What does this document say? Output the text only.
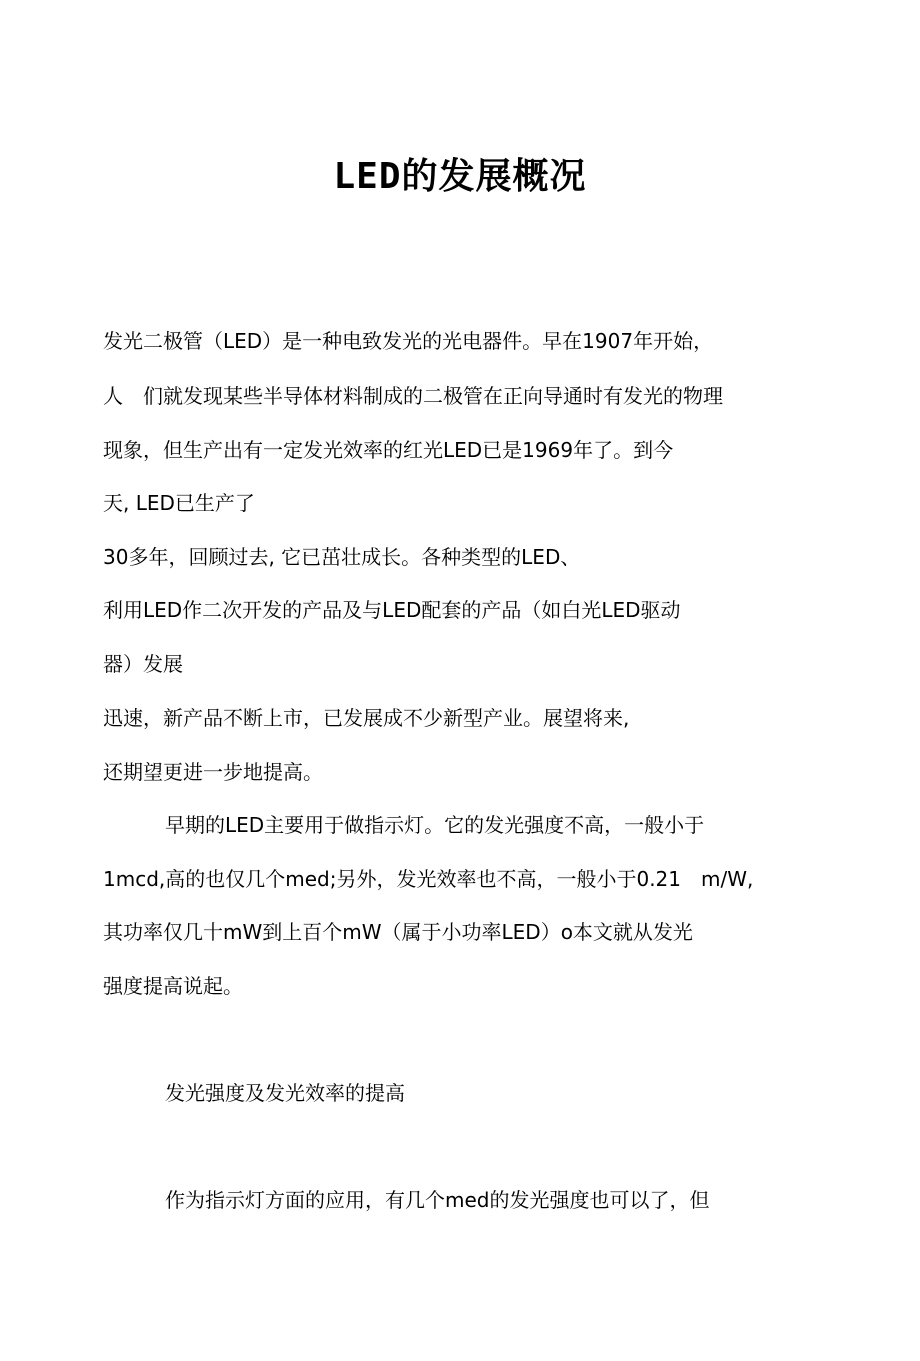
LED的发展概况
发光二极管（LED）是一种电致发光的光电器件。早在1907年开始，
人　们就发现某些半导体材料制成的二极管在正向导通时有发光的物理
现象，但生产出有一定发光效率的红光LED已是1969年了。到今
天, LED已生产了
30多年，回顾过去, 它已茁壮成长。各种类型的LED、
利用LED作二次开发的产品及与LED配套的产品（如白光LED驱动
器）发展
迅速，新产品不断上市，已发展成不少新型产业。展望将来,
还期望更进一步地提高。
早期的LED主要用于做指示灯。它的发光强度不高，一般小于
1mcd,高的也仅几个med;另外，发光效率也不高，一般小于0.21　m/W,
其功率仅几十mW到上百个mW（属于小功率LED）o本文就从发光
强度提高说起。
发光强度及发光效率的提高
作为指示灯方面的应用，有几个med的发光强度也可以了，但
